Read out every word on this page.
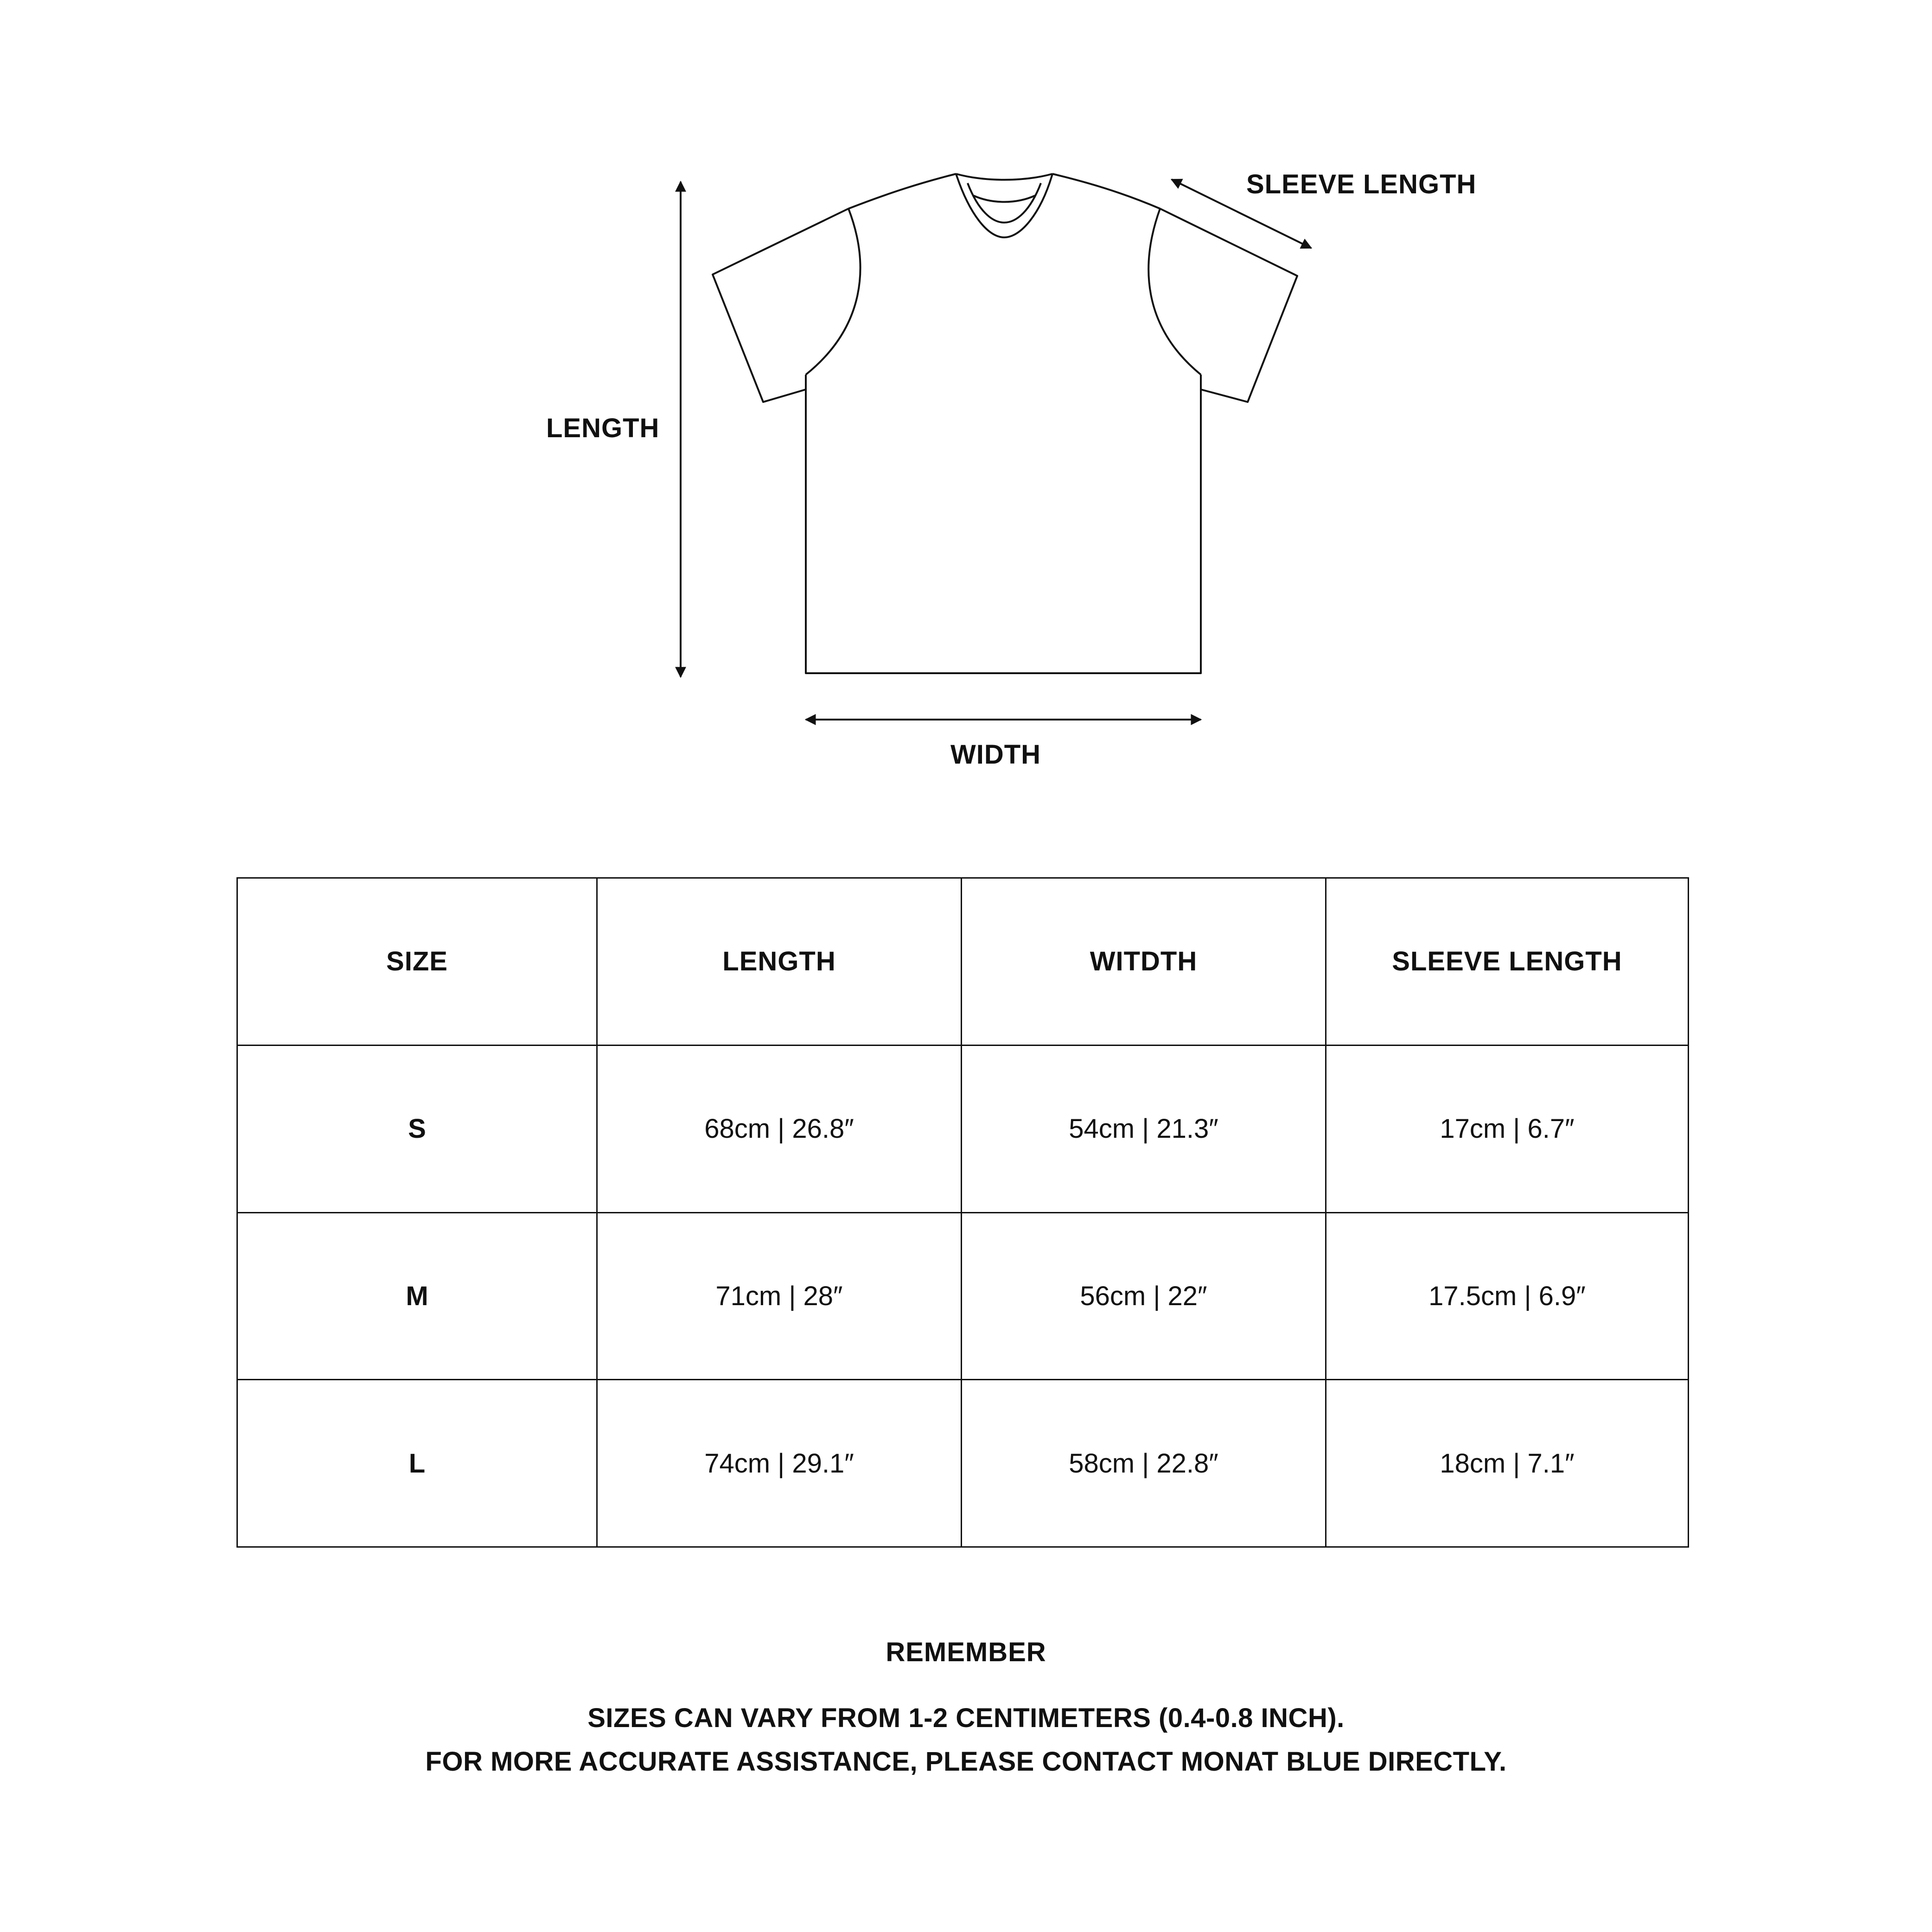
LENGTH
SLEEVE LENGTH
WIDTH
SIZE	LENGTH	WITDTH	SLEEVE LENGTH
S	68cm | 26.8″	54cm | 21.3″	17cm | 6.7″
M	71cm | 28″	56cm | 22″	17.5cm | 6.9″
L	74cm | 29.1″	58cm | 22.8″	18cm | 7.1″
REMEMBER
SIZES CAN VARY FROM 1-2 CENTIMETERS (0.4-0.8 INCH).
FOR MORE ACCURATE ASSISTANCE, PLEASE CONTACT MONAT BLUE DIRECTLY.
